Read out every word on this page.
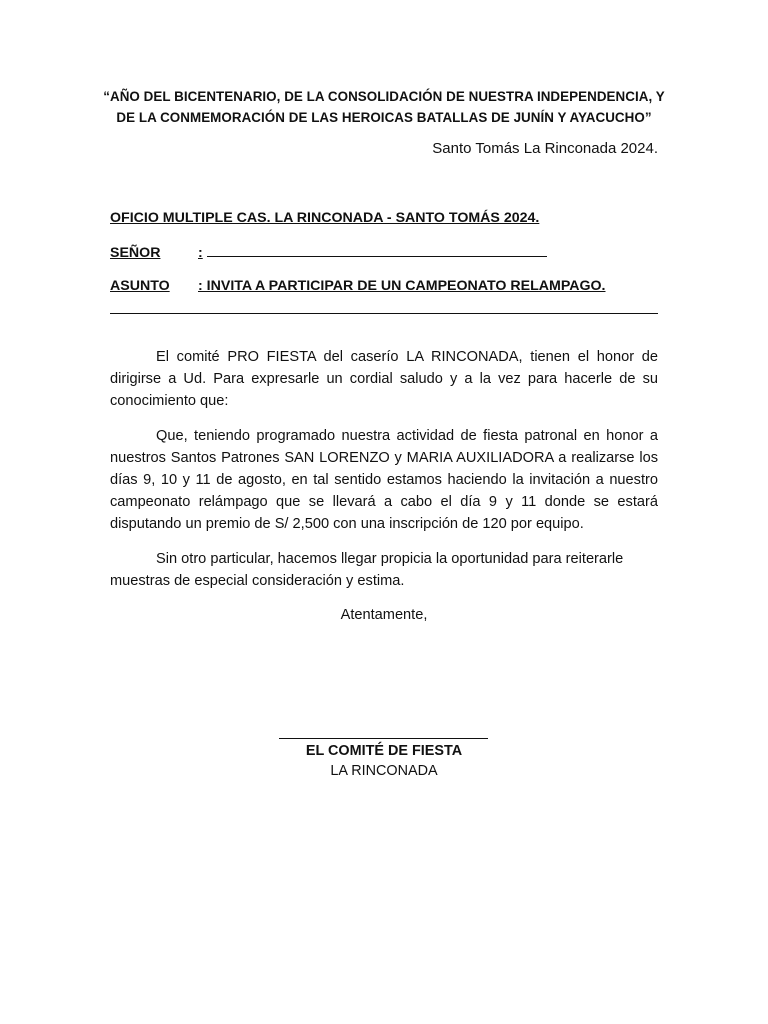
“AÑO DEL BICENTENARIO, DE LA CONSOLIDACIÓN DE NUESTRA INDEPENDENCIA, Y DE LA CONMEMORACIÓN DE LAS HEROICAS BATALLAS DE JUNÍN Y AYACUCHO”
Santo Tomás La Rinconada 2024.
OFICIO MULTIPLE CAS. LA RINCONADA - SANTO TOMÁS 2024.
SEÑOR	:
ASUNTO : INVITA A PARTICIPAR DE UN CAMPEONATO RELAMPAGO.
El comité PRO FIESTA del caserío LA RINCONADA, tienen el honor de dirigirse a Ud. Para expresarle un cordial saludo y a la vez para hacerle de su conocimiento que:
Que, teniendo programado nuestra actividad de fiesta patronal en honor a nuestros Santos Patrones SAN LORENZO y MARIA AUXILIADORA a realizarse los días 9, 10 y 11 de agosto, en tal sentido estamos haciendo la invitación a nuestro campeonato relámpago que se llevará a cabo el día 9 y 11 donde se estará disputando un premio de S/ 2,500 con una inscripción de 120 por equipo.
Sin otro particular, hacemos llegar propicia la oportunidad para reiterarle muestras de especial consideración y estima.
Atentamente,
EL COMITÉ DE FIESTA
LA RINCONADA
